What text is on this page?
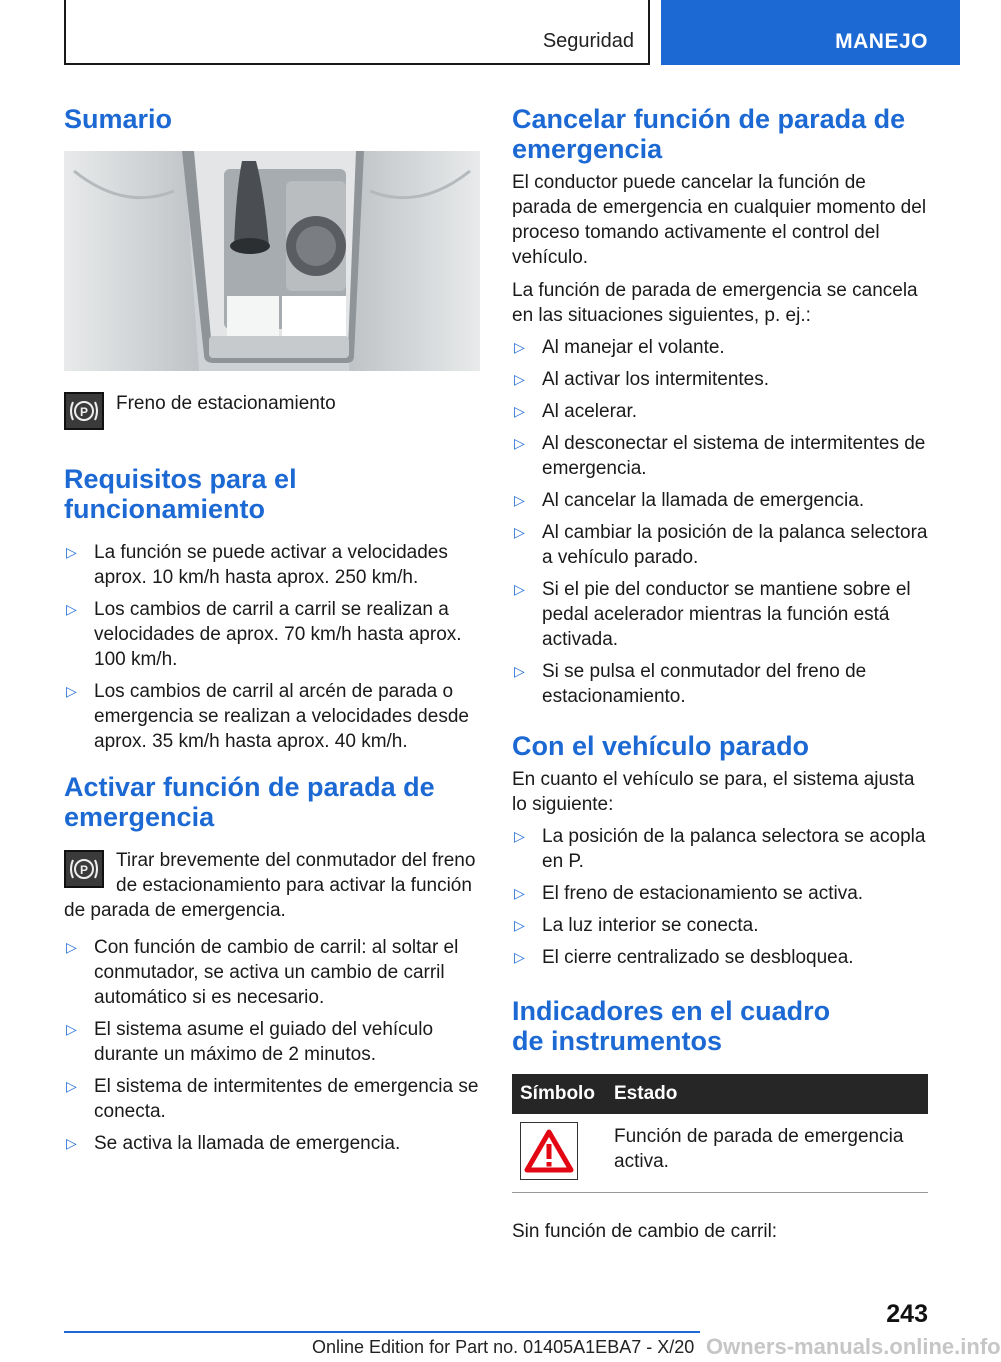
Seguridad	MANEJO
Sumario
P Freno de estacionamiento

Requisitos para el funcionamiento
▷ La función se puede activar a velocidades aprox. 10 km/h hasta aprox. 250 km/h.
▷ Los cambios de carril a carril se realizan a velocidades de aprox. 70 km/h hasta aprox. 100 km/h.
▷ Los cambios de carril al arcén de parada o emergencia se realizan a velocidades desde aprox. 35 km/h hasta aprox. 40 km/h.
Activar función de parada de emergencia
P	Tirar brevemente del conmutador del freno de estacionamiento para activar la función de parada de emergencia.

▷ Con función de cambio de carril: al soltar el conmutador, se activa un cambio de carril automático si es necesario.
▷ El sistema asume el guiado del vehículo durante un máximo de 2 minutos.
▷ El sistema de intermitentes de emergencia se conecta.
▷ Se activa la llamada de emergencia.
Cancelar función de parada de emergencia

El conductor puede cancelar la función de parada de emergencia en cualquier momento del proceso tomando activamente el control del vehículo.

La función de parada de emergencia se cancela en las situaciones siguientes, p. ej.:

▷ Al manejar el volante.
▷ Al activar los intermitentes.
▷ Al acelerar.
▷ Al desconectar el sistema de intermitentes de emergencia.
▷ Al cancelar la llamada de emergencia.
▷ Al cambiar la posición de la palanca selectora a vehículo parado.
▷ Si el pie del conductor se mantiene sobre el pedal acelerador mientras la función está activada.
▷ Si se pulsa el conmutador del freno de estacionamiento.
Con el vehículo parado

En cuanto el vehículo se para, el sistema ajusta lo siguiente:

▷ La posición de la palanca selectora se acopla en P.
▷ El freno de estacionamiento se activa.
▷ La luz interior se conecta.
▷ El cierre centralizado se desbloquea.
Indicadores en el cuadro de instrumentos
Símbolo	Estado

	Función de parada de emergencia activa.

Sin función de cambio de carril:

243
Online Edition for Part no. 01405A1EBA7 - X/20 Owners-manuals.online.info
